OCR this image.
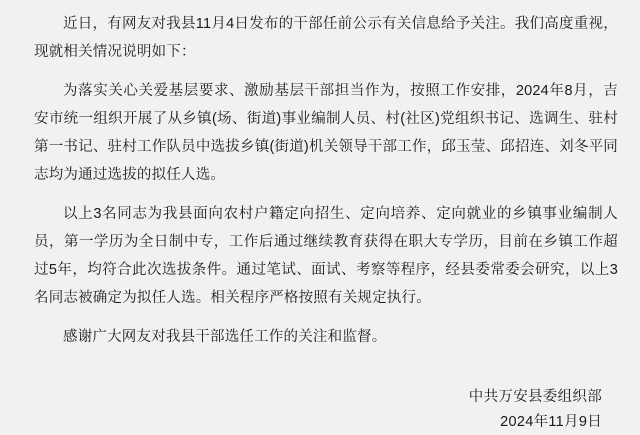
近日，有网友对我县11月4日发布的干部任前公示有关信息给予关注。我们高度重视，现就相关情况说明如下：

为落实关心关爱基层要求、激励基层干部担当作为，按照工作安排，2024年8月，吉安市统一组织开展了从乡镇(场、街道)事业编制人员、村(社区)党组织书记、选调生、驻村第一书记、驻村工作队员中选拔乡镇(街道)机关领导干部工作，邱玉莹、邱招连、刘冬平同志均为通过选拔的拟任人选。

以上3名同志为我县面向农村户籍定向招生、定向培养、定向就业的乡镇事业编制人员，第一学历为全日制中专，工作后通过继续教育获得在职大专学历，目前在乡镇工作超过5年，均符合此次选拔条件。通过笔试、面试、考察等程序，经县委常委会研究，以上3名同志被确定为拟任人选。相关程序严格按照有关规定执行。

感谢广大网友对我县干部选任工作的关注和监督。

中共万安县委组织部
2024年11月9日
